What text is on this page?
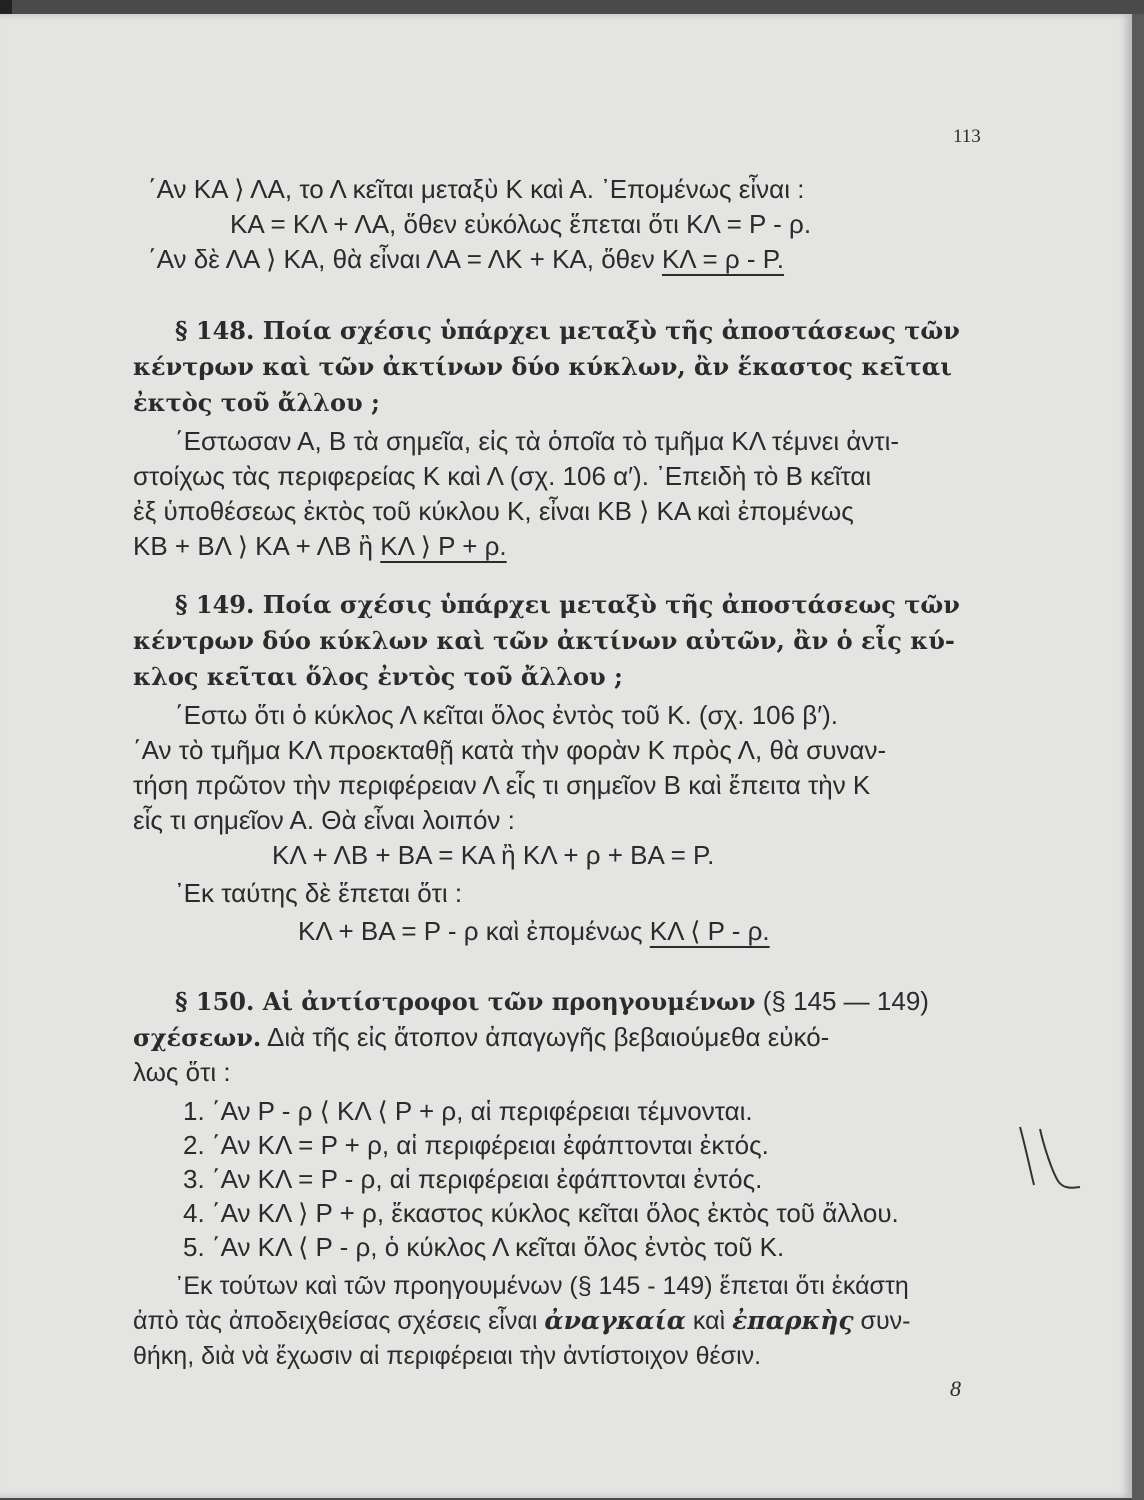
113
΄Αν ΚΑ ⟩ ΛΑ, το Λ κεῖται μεταξὺ Κ καὶ Α. ᾿Επομένως εἶναι :
ΚΑ = ΚΛ + ΛΑ, ὅθεν εὐκόλως ἕπεται ὅτι ΚΛ = Ρ - ρ.
΄Αν δὲ ΛΑ ⟩ ΚΑ, θὰ εἶναι ΛΑ = ΛΚ + ΚΑ, ὅθεν ΚΛ = ρ - Ρ.
§ 148. Ποία σχέσις ὑπάρχει μεταξὺ τῆς ἀποστάσεως τῶν
κέντρων καὶ τῶν ἀκτίνων δύο κύκλων, ἂν ἕκαστος κεῖται
ἐκτὸς τοῦ ἄλλου ;
΄Εστωσαν Α, Β τὰ σημεῖα, εἰς τὰ ὁποῖα τὸ τμῆμα ΚΛ τέμνει ἀντι-
στοίχως τὰς περιφερείας Κ καὶ Λ (σχ. 106 α′). ᾿Επειδὴ τὸ Β κεῖται
ἐξ ὑποθέσεως ἐκτὸς τοῦ κύκλου Κ, εἶναι ΚΒ ⟩ ΚΑ καὶ ἐπομένως
ΚΒ + ΒΛ ⟩ ΚΑ + ΛΒ ἢ ΚΛ ⟩ Ρ + ρ.
§ 149. Ποία σχέσις ὑπάρχει μεταξὺ τῆς ἀποστάσεως τῶν
κέντρων δύο κύκλων καὶ τῶν ἀκτίνων αὐτῶν, ἂν ὁ εἷς κύ-
κλος κεῖται ὅλος ἐντὸς τοῦ ἄλλου ;
΄Εστω ὅτι ὁ κύκλος Λ κεῖται ὅλος ἐντὸς τοῦ Κ. (σχ. 106 β′).
΄Αν τὸ τμῆμα ΚΛ προεκταθῇ κατὰ τὴν φορὰν Κ πρὸς Λ, θὰ συναν-
τήση πρῶτον τὴν περιφέρειαν Λ εἷς τι σημεῖον Β καὶ ἔπειτα τὴν Κ
εἷς τι σημεῖον Α. Θὰ εἶναι λοιπόν :
ΚΛ + ΛΒ + ΒΑ = ΚΑ ἢ ΚΛ + ρ + ΒΑ = Ρ.
᾿Εκ ταύτης δὲ ἕπεται ὅτι :
ΚΛ + ΒΑ = Ρ - ρ καὶ ἐπομένως ΚΛ ⟨ Ρ - ρ.
§ 150. Αἱ ἀντίστροφοι τῶν προηγουμένων (§ 145 — 149)
σχέσεων. Διὰ τῆς εἰς ἄτοπον ἀπαγωγῆς βεβαιούμεθα εὐκό-
λως ὅτι :
1. ΄Αν Ρ - ρ ⟨ ΚΛ ⟨ Ρ + ρ, αἱ περιφέρειαι τέμνονται.
2. ΄Αν ΚΛ = Ρ + ρ, αἱ περιφέρειαι ἐφάπτονται ἐκτός.
3. ΄Αν ΚΛ = Ρ - ρ, αἱ περιφέρειαι ἐφάπτονται ἐντός.
4. ΄Αν ΚΛ ⟩ Ρ + ρ, ἕκαστος κύκλος κεῖται ὅλος ἐκτὸς τοῦ ἄλλου.
5. ΄Αν ΚΛ ⟨ Ρ - ρ, ὁ κύκλος Λ κεῖται ὅλος ἐντὸς τοῦ Κ.
᾿Εκ τούτων καὶ τῶν προηγουμένων (§ 145 - 149) ἕπεται ὅτι ἑκάστη
ἀπὸ τὰς ἀποδειχθείσας σχέσεις εἶναι ἀναγκαία καὶ ἐπαρκὴς συν-
θήκη, διὰ νὰ ἔχωσιν αἱ περιφέρειαι τὴν ἀντίστοιχον θέσιν.
8
